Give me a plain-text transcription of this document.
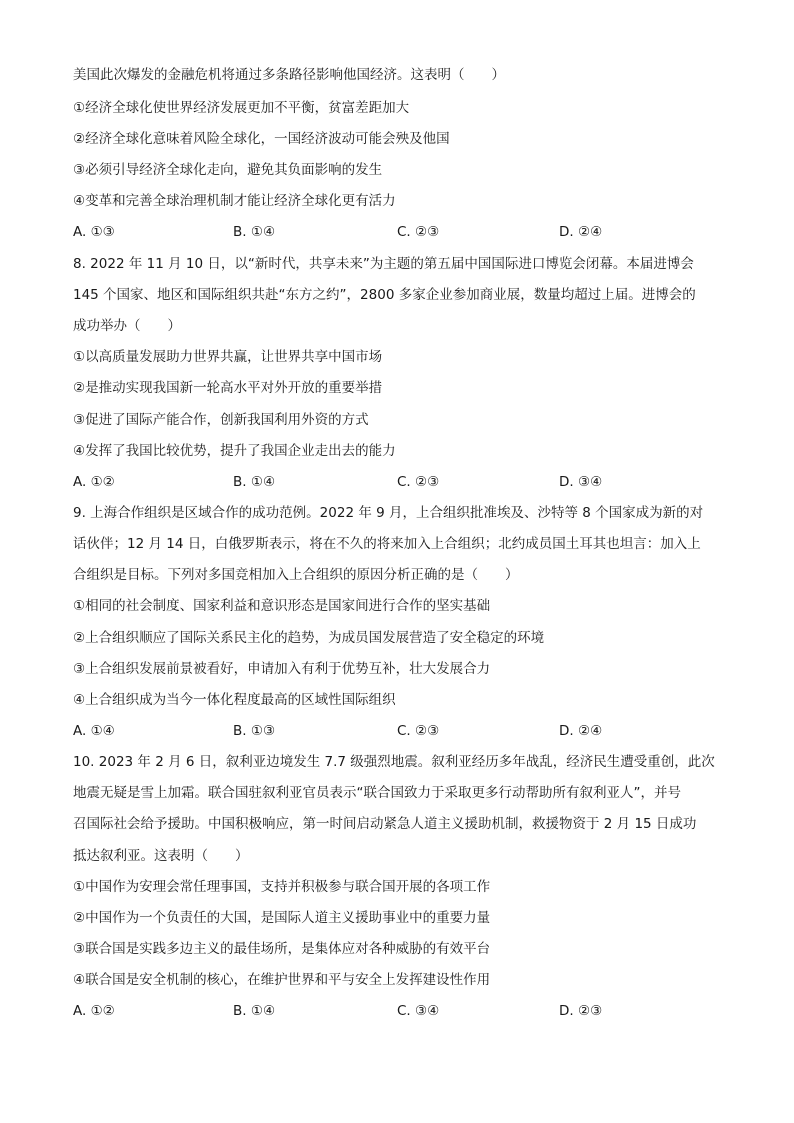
美国此次爆发的金融危机将通过多条路径影响他国经济。这表明（　　）
①经济全球化使世界经济发展更加不平衡，贫富差距加大
②经济全球化意味着风险全球化，一国经济波动可能会殃及他国
③必须引导经济全球化走向，避免其负面影响的发生
④变革和完善全球治理机制才能让经济全球化更有活力
A. ①③	B. ①④	C. ②③	D. ②④
8. 2022 年 11 月 10 日，以“新时代，共享未来”为主题的第五届中国国际进口博览会闭幕。本届进博会
145 个国家、地区和国际组织共赴“东方之约”，2800 多家企业参加商业展，数量均超过上届。进博会的
成功举办（　　）
①以高质量发展助力世界共赢，让世界共享中国市场
②是推动实现我国新一轮高水平对外开放的重要举措
③促进了国际产能合作，创新我国利用外资的方式
④发挥了我国比较优势，提升了我国企业走出去的能力
A. ①②	B. ①④	C. ②③	D. ③④
9. 上海合作组织是区域合作的成功范例。2022 年 9 月，上合组织批准埃及、沙特等 8 个国家成为新的对
话伙伴；12 月 14 日，白俄罗斯表示，将在不久的将来加入上合组织；北约成员国土耳其也坦言：加入上
合组织是目标。下列对多国竞相加入上合组织的原因分析正确的是（　　）
①相同的社会制度、国家利益和意识形态是国家间进行合作的坚实基础
②上合组织顺应了国际关系民主化的趋势，为成员国发展营造了安全稳定的环境
③上合组织发展前景被看好，申请加入有利于优势互补，壮大发展合力
④上合组织成为当今一体化程度最高的区域性国际组织
A. ①④	B. ①③	C. ②③	D. ②④
10. 2023 年 2 月 6 日，叙利亚边境发生 7.7 级强烈地震。叙利亚经历多年战乱，经济民生遭受重创，此次
地震无疑是雪上加霜。联合国驻叙利亚官员表示“联合国致力于采取更多行动帮助所有叙利亚人”，并号
召国际社会给予援助。中国积极响应，第一时间启动紧急人道主义援助机制，救援物资于 2 月 15 日成功
抵达叙利亚。这表明（　　）
①中国作为安理会常任理事国，支持并积极参与联合国开展的各项工作
②中国作为一个负责任的大国，是国际人道主义援助事业中的重要力量
③联合国是实践多边主义的最佳场所，是集体应对各种威胁的有效平台
④联合国是安全机制的核心，在维护世界和平与安全上发挥建设性作用
A. ①②	B. ①④	C. ③④	D. ②③
